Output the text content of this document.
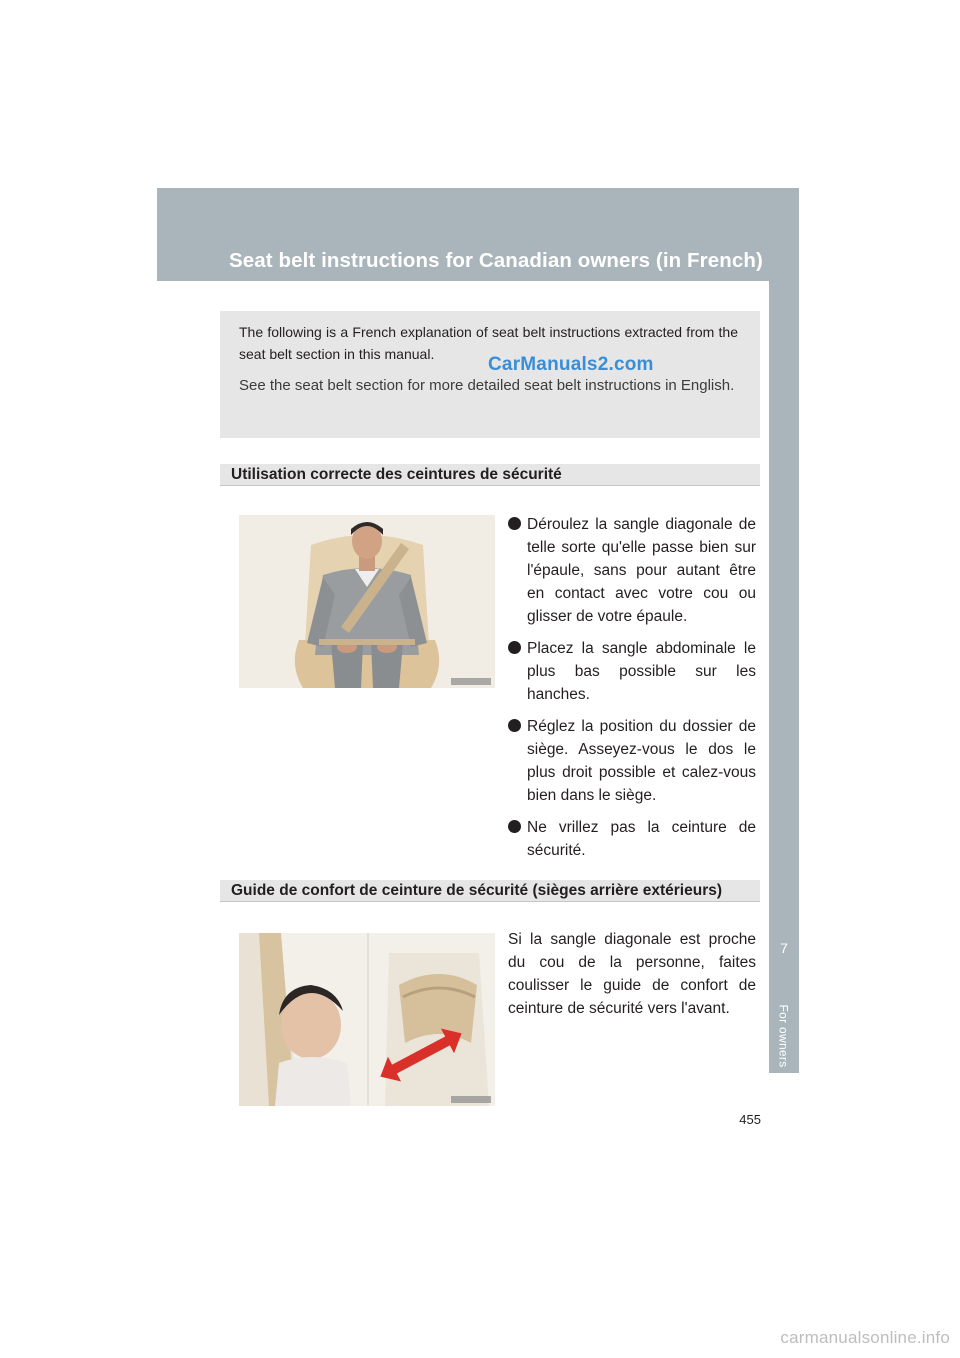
Seat belt instructions for Canadian owners (in French)
7
For owners

The following is a French explanation of seat belt instructions extracted from the seat belt section in this manual.

See the seat belt section for more detailed seat belt instructions in English.

CarManuals2.com
Utilisation correcte des ceintures de sécurité
Déroulez la sangle diagonale de telle sorte qu'elle passe bien sur l'épaule, sans pour autant être en contact avec votre cou ou glisser de votre épaule.
Placez la sangle abdominale le plus bas possible sur les hanches.
Réglez la position du dossier de siège. Asseyez-vous le dos le plus droit possible et calez-vous bien dans le siège.
Ne vrillez pas la ceinture de sécurité.
Guide de confort de ceinture de sécurité (sièges arrière extérieurs)
Si la sangle diagonale est proche du cou de la personne, faites coulisser le guide de confort de ceinture de sécurité vers l'avant.
455
carmanualsonline.info
